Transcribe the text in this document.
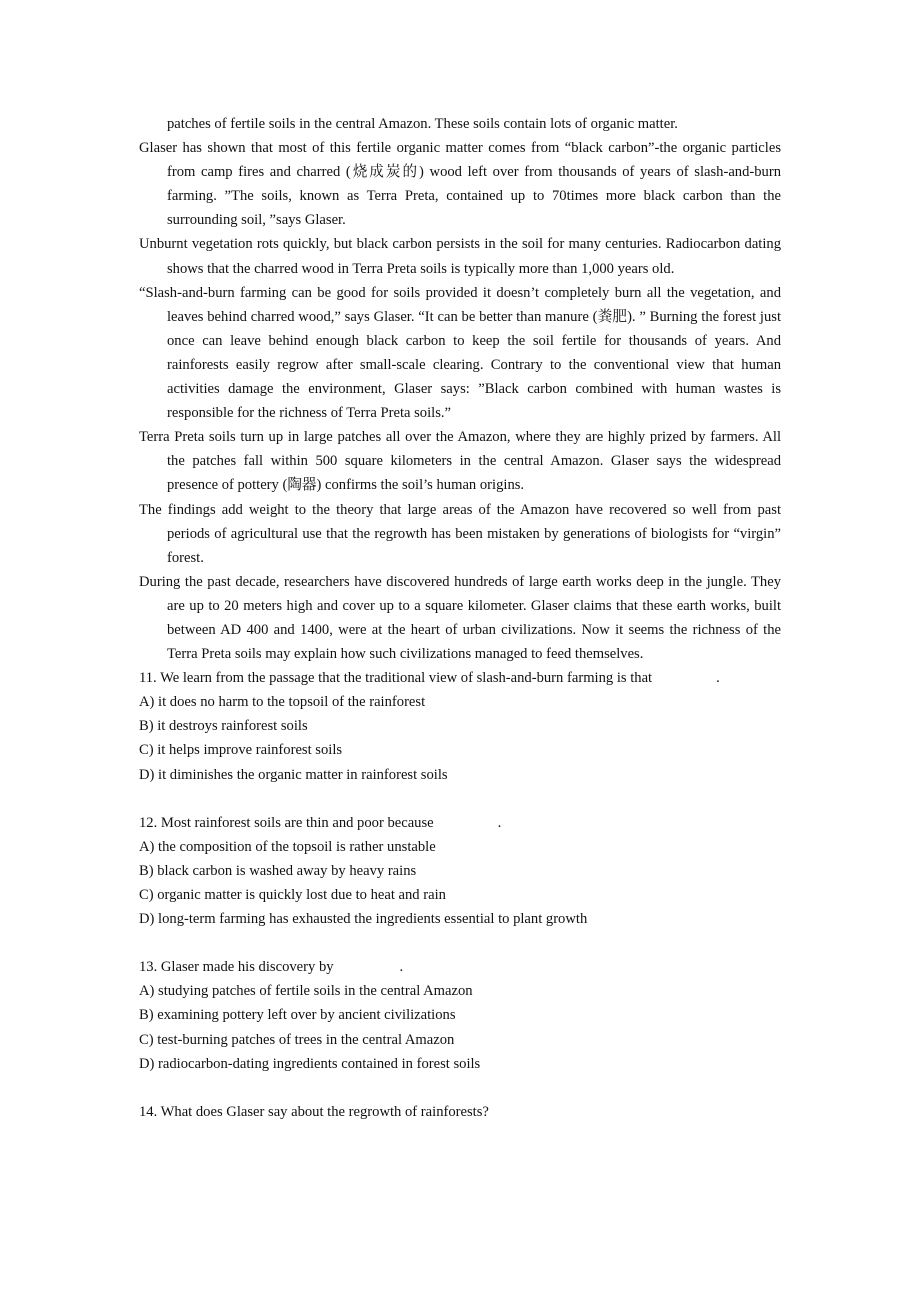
patches of fertile soils in the central Amazon. These soils contain lots of organic matter.

Glaser has shown that most of this fertile organic matter comes from “black carbon”-the organic particles from camp fires and charred (烧成炭的) wood left over from thousands of years of slash-and-burn farming. ”The soils, known as Terra Preta, contained up to 70times more black carbon than the surrounding soil, ”says Glaser.

Unburnt vegetation rots quickly, but black carbon persists in the soil for many centuries. Radiocarbon dating shows that the charred wood in Terra Preta soils is typically more than 1,000 years old.

“Slash-and-burn farming can be good for soils provided it doesn’t completely burn all the vegetation, and leaves behind charred wood,” says Glaser. “It can be better than manure (粪肥). ” Burning the forest just once can leave behind enough black carbon to keep the soil fertile for thousands of years. And rainforests easily regrow after small-scale clearing. Contrary to the conventional view that human activities damage the environment, Glaser says: ”Black carbon combined with human wastes is responsible for the richness of Terra Preta soils.”

Terra Preta soils turn up in large patches all over the Amazon, where they are highly prized by farmers. All the patches fall within 500 square kilometers in the central Amazon. Glaser says the widespread presence of pottery (陶器) confirms the soil’s human origins.

The findings add weight to the theory that large areas of the Amazon have recovered so well from past periods of agricultural use that the regrowth has been mistaken by generations of biologists for “virgin” forest.

During the past decade, researchers have discovered hundreds of large earth works deep in the jungle. They are up to 20 meters high and cover up to a square kilometer. Glaser claims that these earth works, built between AD 400 and 1400, were at the heart of urban civilizations. Now it seems the richness of the Terra Preta soils may explain how such civilizations managed to feed themselves.

11. We learn from the passage that the traditional view of slash-and-burn farming is that	.

A) it does no harm to the topsoil of the rainforest

B) it destroys rainforest soils

C) it helps improve rainforest soils

D) it diminishes the organic matter in rainforest soils

12. Most rainforest soils are thin and poor because	.

A) the composition of the topsoil is rather unstable

B) black carbon is washed away by heavy rains

C) organic matter is quickly lost due to heat and rain

D) long-term farming has exhausted the ingredients essential to plant growth

13. Glaser made his discovery by	.

A) studying patches of fertile soils in the central Amazon

B) examining pottery left over by ancient civilizations

C) test-burning patches of trees in the central Amazon

D) radiocarbon-dating ingredients contained in forest soils

14. What does Glaser say about the regrowth of rainforests?
